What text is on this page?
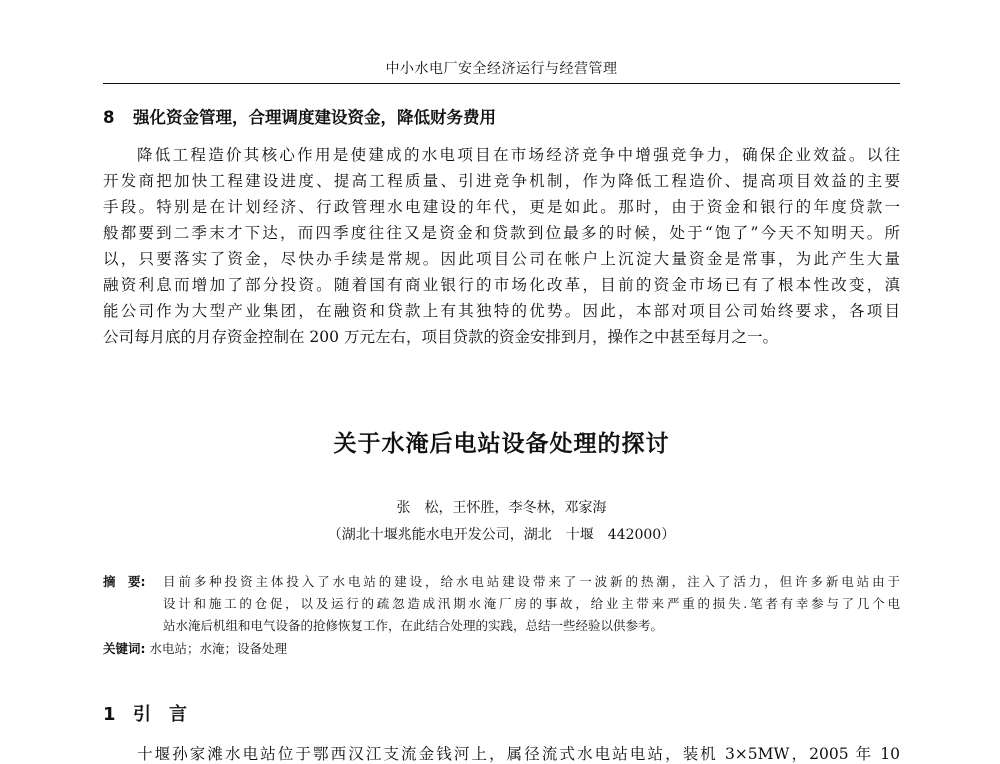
中小水电厂安全经济运行与经营管理
8 强化资金管理，合理调度建设资金，降低财务费用
降低工程造价其核心作用是使建成的水电项目在市场经济竞争中增强竞争力，确保企业效益。以往
开发商把加快工程建设进度、提高工程质量、引进竞争机制，作为降低工程造价、提高项目效益的主要
手段。特别是在计划经济、行政管理水电建设的年代，更是如此。那时，由于资金和银行的年度贷款一
般都要到二季末才下达，而四季度往往又是资金和贷款到位最多的时候，处于“饱了”今天不知明天。所
以，只要落实了资金，尽快办手续是常规。因此项目公司在帐户上沉淀大量资金是常事，为此产生大量
融资利息而增加了部分投资。随着国有商业银行的市场化改革，目前的资金市场已有了根本性改变，滇
能公司作为大型产业集团，在融资和贷款上有其独特的优势。因此，本部对项目公司始终要求，各项目
公司每月底的月存资金控制在 200 万元左右，项目贷款的资金安排到月，操作之中甚至每月之一。
关于水淹后电站设备处理的探讨
张　松，王怀胜，李冬林，邓家海
（湖北十堰兆能水电开发公司，湖北　十堰　442000）
摘　要:	目前多种投资主体投入了水电站的建设，给水电站建设带来了一波新的热潮，注入了活力，但许多新电站由于
设计和施工的仓促，以及运行的疏忽造成汛期水淹厂房的事故，给业主带来严重的损失.笔者有幸参与了几个电
站水淹后机组和电气设备的抢修恢复工作，在此结合处理的实践，总结一些经验以供参考。
关键词: 水电站；水淹；设备处理
1 引　言
十堰孙家滩水电站位于鄂西汉江支流金钱河上，属径流式水电站电站，装机 3×5MW，2005 年 10
